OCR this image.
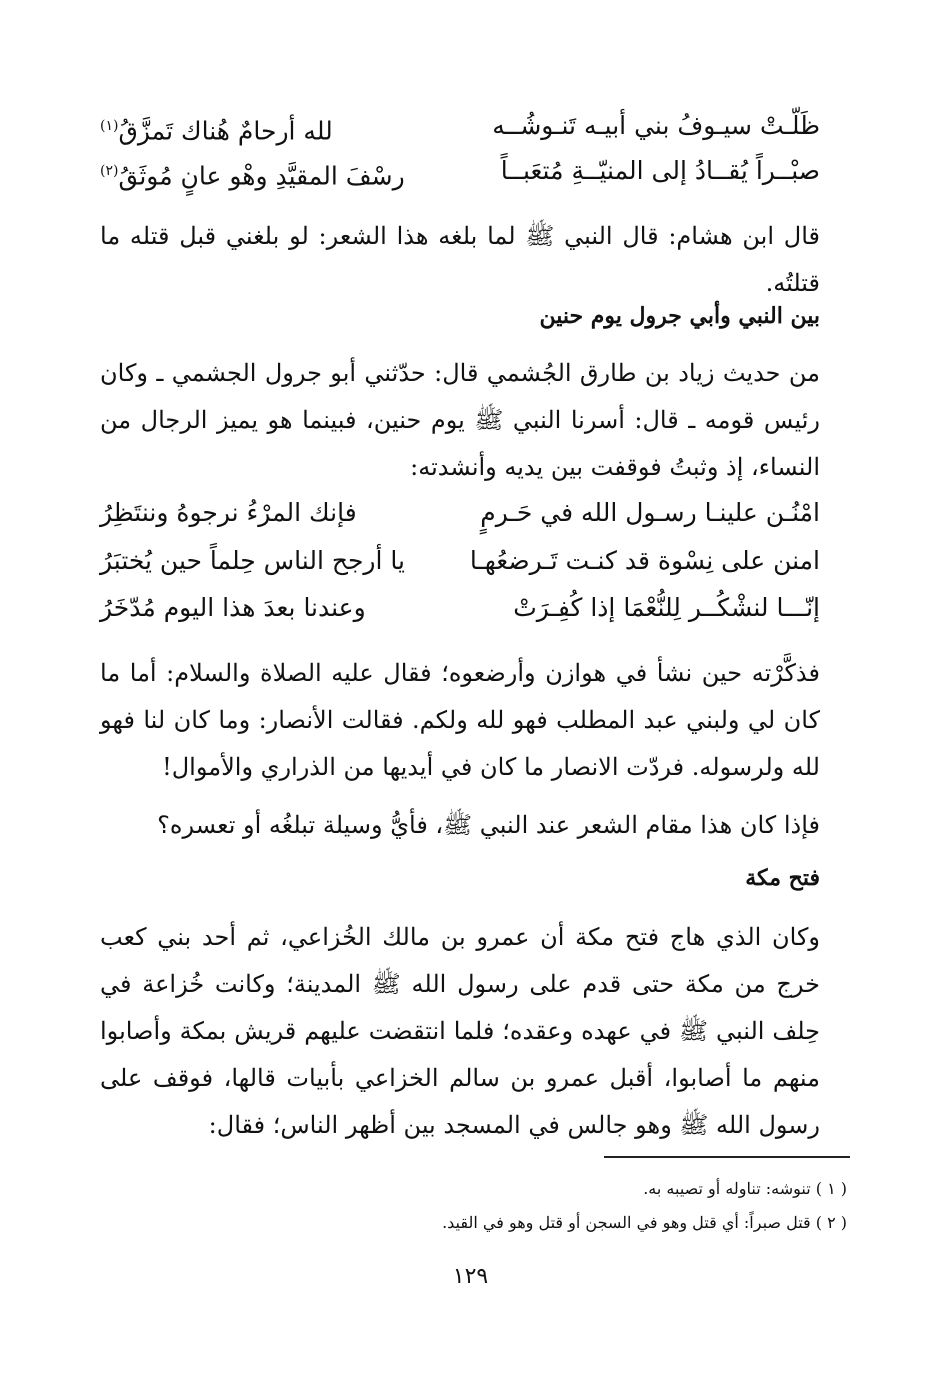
ظَلّـتْ سيـوفُ بني أبيـه تَنـوشُــه
لله أرحامٌ هُناك تَمزَّقُ$^{(١)}$
صبْــراً يُقــادُ إلى المنيّــةِ مُتعَبــاً
رسْفَ المقيَّدِ وهْو عانٍ مُوثَقُ$^{(٢)}$
قال ابن هشام: قال النبي ﷺ لما بلغه هذا الشعر: لو بلغني قبل قتله ما قتلتُه.
بين النبي وأبي جرول يوم حنين
من حديث زياد بن طارق الجُشمي قال: حدّثني أبو جرول الجشمي ـ وكان رئيس قومه ـ قال: أسرنا النبي ﷺ يوم حنين، فبينما هو يميز الرجال من النساء، إذ وثبتُ فوقفت بين يديه وأنشدته:
امْنُـن علينـا رسـول الله في حَـرمٍ
فإنك المرْءُ نرجوهُ وننتَظِرُ
امنن على نِسْوة قد كنـت تَـرضعُهـا
يا أرجح الناس حِلماً حين يُختبَرُ
إنّـــا لنشْكُــر لِلنُّعْمَا إذا كُفِـرَتْ
وعندنا بعدَ هذا اليوم مُدّخَرُ
فذكَّرْته حين نشأ في هوازن وأرضعوه؛ فقال عليه الصلاة والسلام: أما ما كان لي ولبني عبد المطلب فهو لله ولكم. فقالت الأنصار: وما كان لنا فهو لله ولرسوله. فردّت الانصار ما كان في أيديها من الذراري والأموال!
فإذا كان هذا مقام الشعر عند النبي ﷺ، فأيُّ وسيلة تبلغُه أو تعسره؟
فتح مكة
وكان الذي هاج فتح مكة أن عمرو بن مالك الخُزاعي، ثم أحد بني كعب خرج من مكة حتى قدم على رسول الله ﷺ المدينة؛ وكانت خُزاعة في حِلف النبي ﷺ في عهده وعقده؛ فلما انتقضت عليهم قريش بمكة وأصابوا منهم ما أصابوا، أقبل عمرو بن سالم الخزاعي بأبيات قالها، فوقف على رسول الله ﷺ وهو جالس في المسجد بين أظهر الناس؛ فقال:
( ١ ) تنوشه: تناوله أو تصيبه به.
( ٢ ) قتل صبراً: أي قتل وهو في السجن أو قتل وهو في القيد.
١٢٩
